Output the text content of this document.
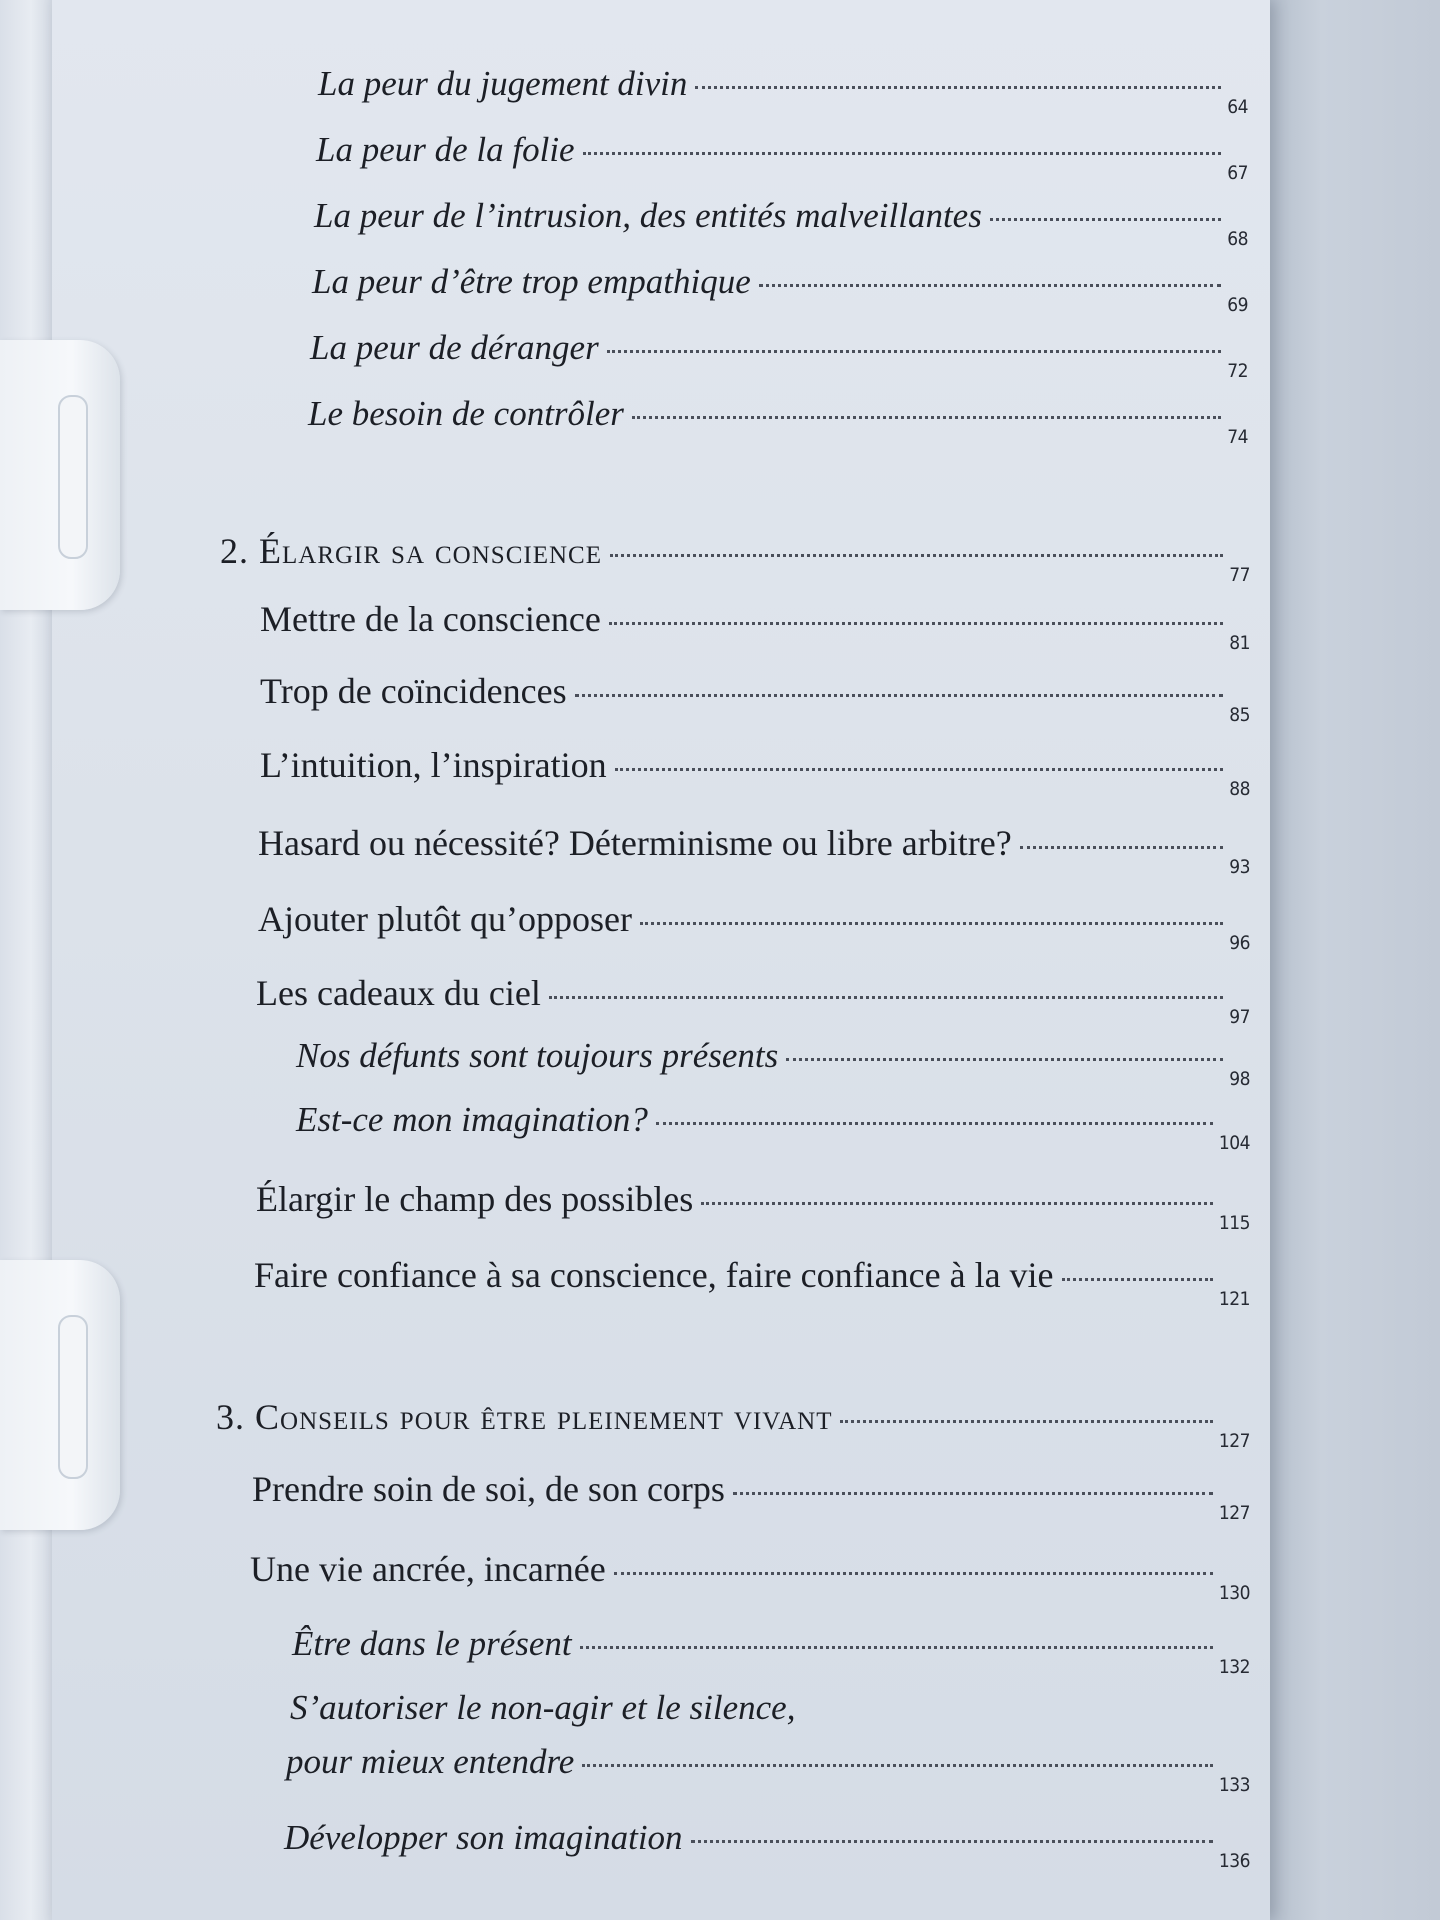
La peur du jugement divin
64
La peur de la folie
67
La peur de l’intrusion, des entités malveillantes
68
La peur d’être trop empathique
69
La peur de déranger
72
Le besoin de contrôler
74
2. Élargir sa conscience
77
Mettre de la conscience
81
Trop de coïncidences
85
L’intuition, l’inspiration
88
Hasard ou nécessité? Déterminisme ou libre arbitre?
93
Ajouter plutôt qu’opposer
96
Les cadeaux du ciel
97
Nos défunts sont toujours présents
98
Est-ce mon imagination?
104
Élargir le champ des possibles
115
Faire confiance à sa conscience, faire confiance à la vie
121
3. Conseils pour être pleinement vivant
127
Prendre soin de soi, de son corps
127
Une vie ancrée, incarnée
130
Être dans le présent
132
S’autoriser le non-agir et le silence,
pour mieux entendre
133
Développer son imagination
136
